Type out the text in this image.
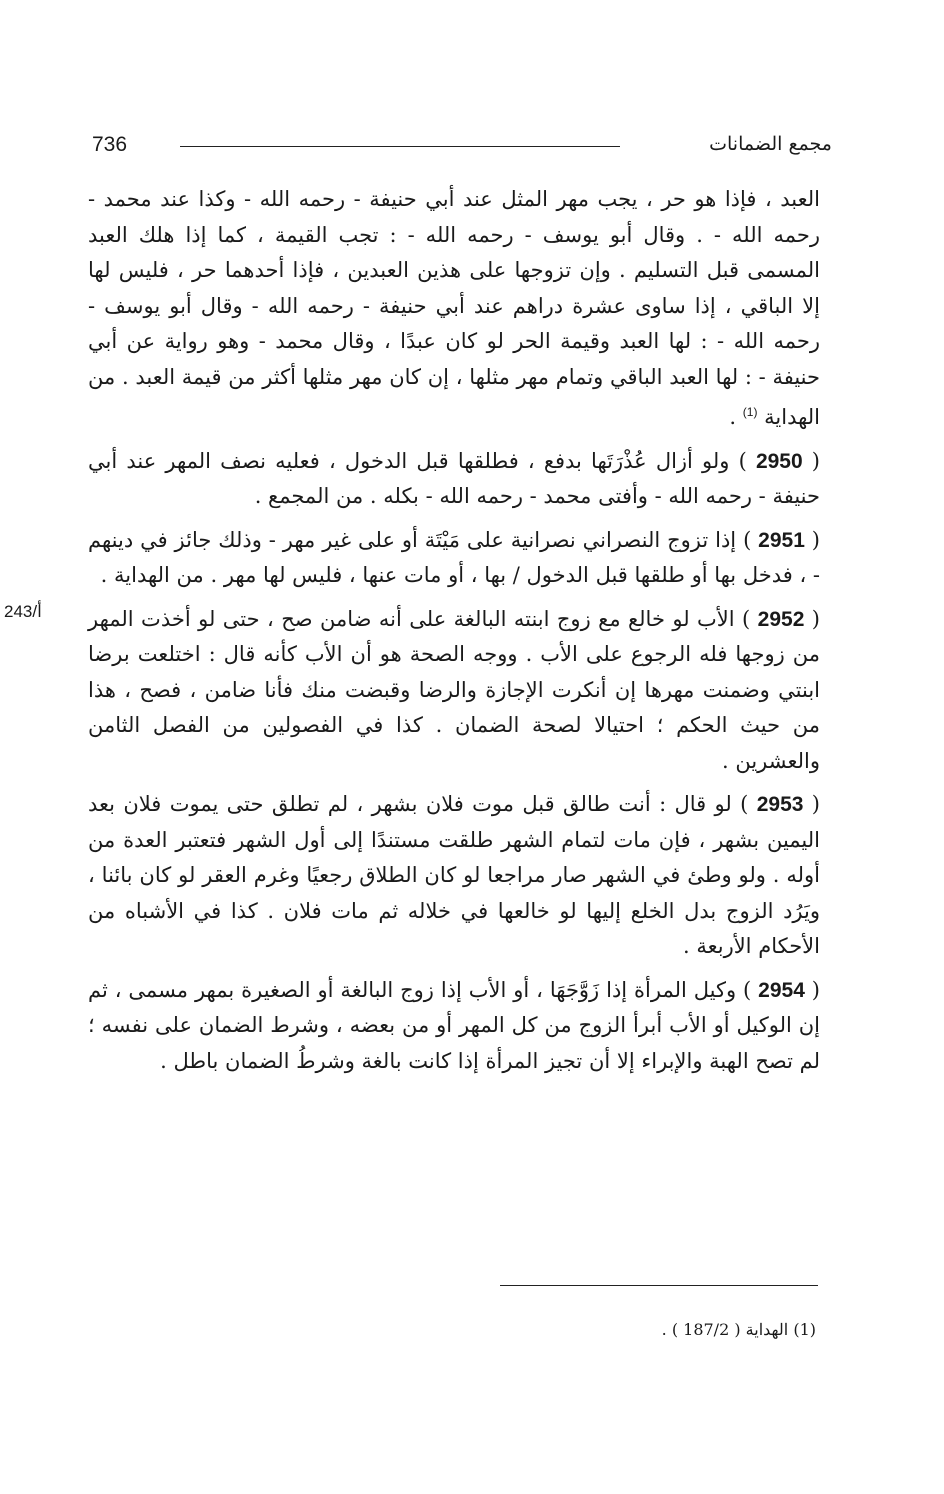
736	مجمع الضمانات

العبد ، فإذا هو حر ، يجب مهر المثل عند أبي حنيفة - رحمه الله - وكذا عند محمد - رحمه الله - . وقال أبو يوسف - رحمه الله - : تجب القيمة ، كما إذا هلك العبد المسمى قبل التسليم . وإن تزوجها على هذين العبدين ، فإذا أحدهما حر ، فليس لها إلا الباقي ، إذا ساوى عشرة دراهم عند أبي حنيفة - رحمه الله - وقال أبو يوسف - رحمه الله - : لها العبد وقيمة الحر لو كان عبدًا ، وقال محمد - وهو رواية عن أبي حنيفة - : لها العبد الباقي وتمام مهر مثلها ، إن كان مهر مثلها أكثر من قيمة العبد . من الهداية $^{(1)}$ .

( 2950 ) ولو أزال عُذْرَتَها بدفع ، فطلقها قبل الدخول ، فعليه نصف المهر عند أبي حنيفة - رحمه الله - وأفتى محمد - رحمه الله - بكله . من المجمع .

( 2951 ) إذا تزوج النصراني نصرانية على مَيْتَة أو على غير مهر - وذلك جائز في دينهم - ، فدخل بها أو طلقها قبل الدخول / بها ، أو مات عنها ، فليس لها مهر . من الهداية .

( 2952 ) الأب لو خالع مع زوج ابنته البالغة على أنه ضامن صح ، حتى لو أخذت المهر من زوجها فله الرجوع على الأب . ووجه الصحة هو أن الأب كأنه قال : اختلعت برضا ابنتي وضمنت مهرها إن أنكرت الإجازة والرضا وقبضت منك فأنا ضامن ، فصح ، هذا من حيث الحكم ؛ احتيالا لصحة الضمان . كذا في الفصولين من الفصل الثامن والعشرين .

( 2953 ) لو قال : أنت طالق قبل موت فلان بشهر ، لم تطلق حتى يموت فلان بعد اليمين بشهر ، فإن مات لتمام الشهر طلقت مستندًا إلى أول الشهر فتعتبر العدة من أوله . ولو وطئ في الشهر صار مراجعا لو كان الطلاق رجعيًا وغرم العقر لو كان بائنا ، ويَرُد الزوج بدل الخلع إليها لو خالعها في خلاله ثم مات فلان . كذا في الأشباه من الأحكام الأربعة .

( 2954 ) وكيل المرأة إذا زَوَّجَهَا ، أو الأب إذا زوج البالغة أو الصغيرة بمهر مسمى ، ثم إن الوكيل أو الأب أبرأ الزوج من كل المهر أو من بعضه ، وشرط الضمان على نفسه ؛ لم تصح الهبة والإبراء إلا أن تجيز المرأة إذا كانت بالغة وشرطُ الضمان باطل .

243/أ
(1) الهداية ( 187/2 ) .
